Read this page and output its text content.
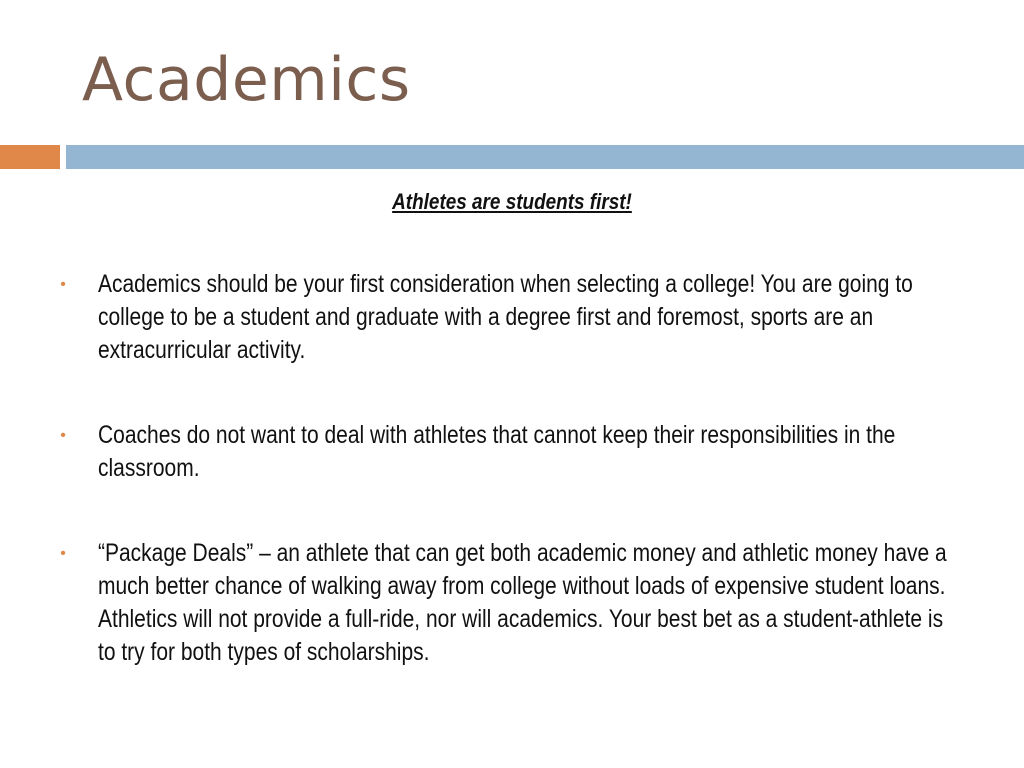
Academics

Athletes are students first!

• Academics should be your first consideration when selecting a college! You are going to college to be a student and graduate with a degree first and foremost, sports are an extracurricular activity.
• Coaches do not want to deal with athletes that cannot keep their responsibilities in the classroom.
• “Package Deals” – an athlete that can get both academic money and athletic money have a much better chance of walking away from college without loads of expensive student loans. Athletics will not provide a full-ride, nor will academics. Your best bet as a student-athlete is to try for both types of scholarships.
